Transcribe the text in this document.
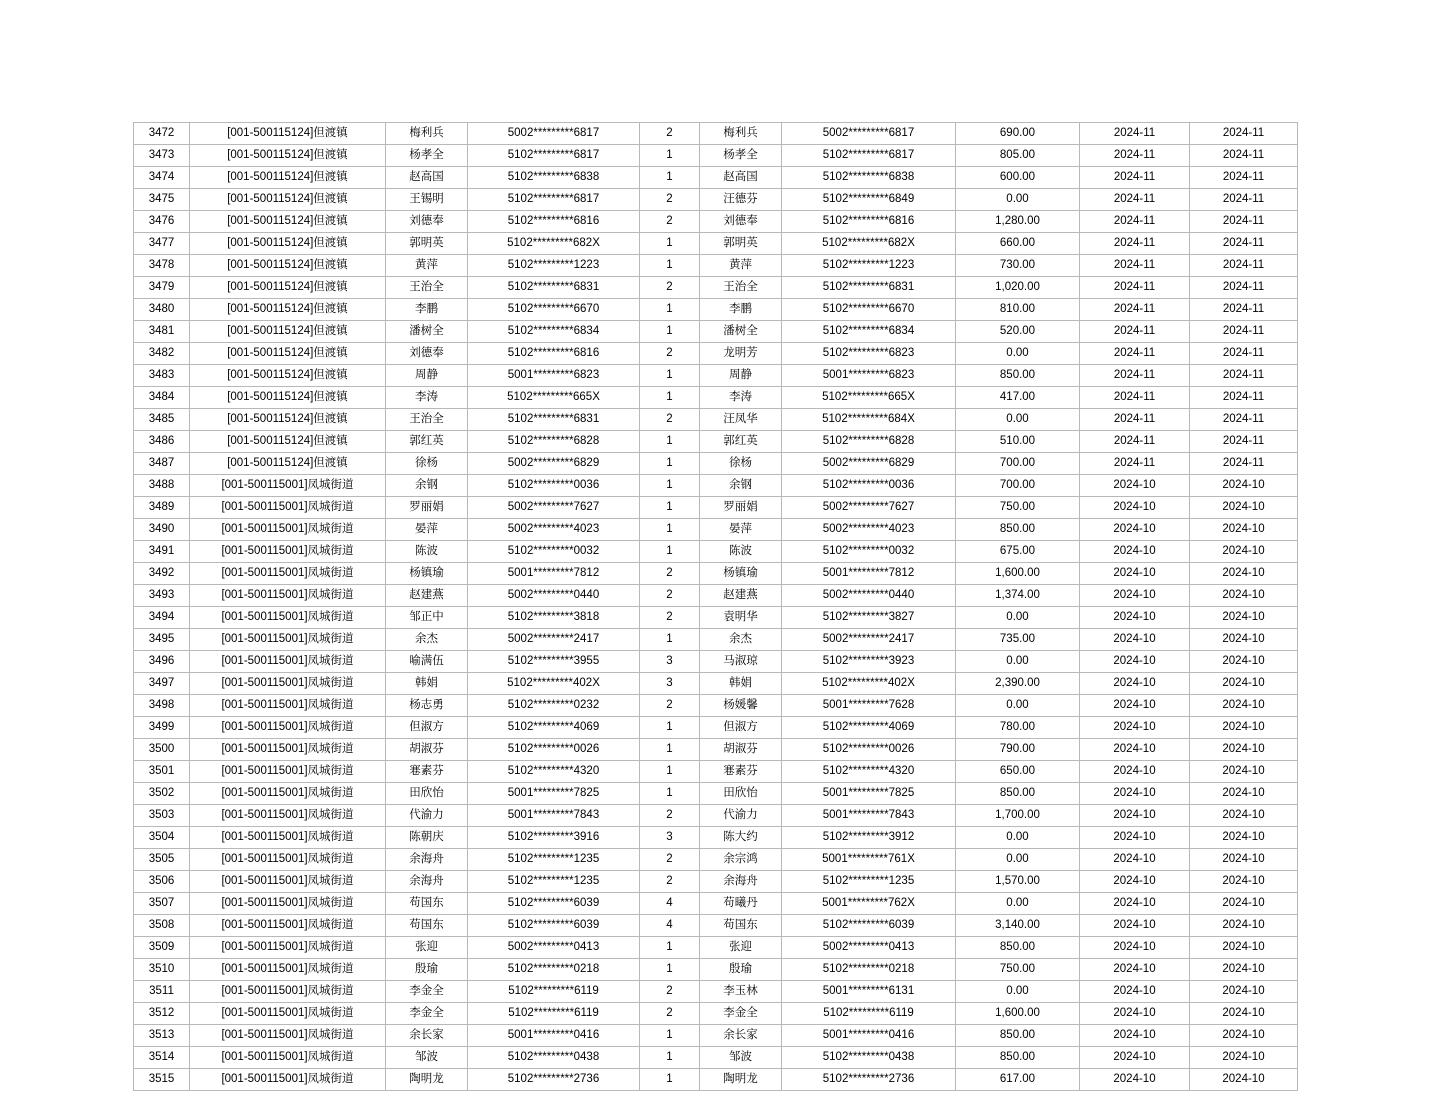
3472	[001-500115124]但渡镇	梅利兵	5002*********6817	2	梅利兵	5002*********6817	690.00	2024-11	2024-11
3473	[001-500115124]但渡镇	杨孝全	5102*********6817	1	杨孝全	5102*********6817	805.00	2024-11	2024-11
3474	[001-500115124]但渡镇	赵高国	5102*********6838	1	赵高国	5102*********6838	600.00	2024-11	2024-11
3475	[001-500115124]但渡镇	王锡明	5102*********6817	2	汪德芬	5102*********6849	0.00	2024-11	2024-11
3476	[001-500115124]但渡镇	刘德奉	5102*********6816	2	刘德奉	5102*********6816	1,280.00	2024-11	2024-11
3477	[001-500115124]但渡镇	郭明英	5102*********682X	1	郭明英	5102*********682X	660.00	2024-11	2024-11
3478	[001-500115124]但渡镇	黄萍	5102*********1223	1	黄萍	5102*********1223	730.00	2024-11	2024-11
3479	[001-500115124]但渡镇	王治全	5102*********6831	2	王治全	5102*********6831	1,020.00	2024-11	2024-11
3480	[001-500115124]但渡镇	李鹏	5102*********6670	1	李鹏	5102*********6670	810.00	2024-11	2024-11
3481	[001-500115124]但渡镇	潘树全	5102*********6834	1	潘树全	5102*********6834	520.00	2024-11	2024-11
3482	[001-500115124]但渡镇	刘德奉	5102*********6816	2	龙明芳	5102*********6823	0.00	2024-11	2024-11
3483	[001-500115124]但渡镇	周静	5001*********6823	1	周静	5001*********6823	850.00	2024-11	2024-11
3484	[001-500115124]但渡镇	李涛	5102*********665X	1	李涛	5102*********665X	417.00	2024-11	2024-11
3485	[001-500115124]但渡镇	王治全	5102*********6831	2	汪凤华	5102*********684X	0.00	2024-11	2024-11
3486	[001-500115124]但渡镇	郭红英	5102*********6828	1	郭红英	5102*********6828	510.00	2024-11	2024-11
3487	[001-500115124]但渡镇	徐杨	5002*********6829	1	徐杨	5002*********6829	700.00	2024-11	2024-11
3488	[001-500115001]凤城街道	余钢	5102*********0036	1	余钢	5102*********0036	700.00	2024-10	2024-10
3489	[001-500115001]凤城街道	罗丽娟	5002*********7627	1	罗丽娟	5002*********7627	750.00	2024-10	2024-10
3490	[001-500115001]凤城街道	晏萍	5002*********4023	1	晏萍	5002*********4023	850.00	2024-10	2024-10
3491	[001-500115001]凤城街道	陈波	5102*********0032	1	陈波	5102*********0032	675.00	2024-10	2024-10
3492	[001-500115001]凤城街道	杨镇瑜	5001*********7812	2	杨镇瑜	5001*********7812	1,600.00	2024-10	2024-10
3493	[001-500115001]凤城街道	赵建燕	5002*********0440	2	赵建燕	5002*********0440	1,374.00	2024-10	2024-10
3494	[001-500115001]凤城街道	邹正中	5102*********3818	2	袁明华	5102*********3827	0.00	2024-10	2024-10
3495	[001-500115001]凤城街道	余杰	5002*********2417	1	余杰	5002*********2417	735.00	2024-10	2024-10
3496	[001-500115001]凤城街道	喻满伍	5102*********3955	3	马淑琼	5102*********3923	0.00	2024-10	2024-10
3497	[001-500115001]凤城街道	韩娟	5102*********402X	3	韩娟	5102*********402X	2,390.00	2024-10	2024-10
3498	[001-500115001]凤城街道	杨志勇	5102*********0232	2	杨媛馨	5001*********7628	0.00	2024-10	2024-10
3499	[001-500115001]凤城街道	但淑方	5102*********4069	1	但淑方	5102*********4069	780.00	2024-10	2024-10
3500	[001-500115001]凤城街道	胡淑芬	5102*********0026	1	胡淑芬	5102*********0026	790.00	2024-10	2024-10
3501	[001-500115001]凤城街道	寋素芬	5102*********4320	1	寋素芬	5102*********4320	650.00	2024-10	2024-10
3502	[001-500115001]凤城街道	田欣怡	5001*********7825	1	田欣怡	5001*********7825	850.00	2024-10	2024-10
3503	[001-500115001]凤城街道	代渝力	5001*********7843	2	代渝力	5001*********7843	1,700.00	2024-10	2024-10
3504	[001-500115001]凤城街道	陈朝庆	5102*********3916	3	陈大约	5102*********3912	0.00	2024-10	2024-10
3505	[001-500115001]凤城街道	余海舟	5102*********1235	2	余宗鸿	5001*********761X	0.00	2024-10	2024-10
3506	[001-500115001]凤城街道	余海舟	5102*********1235	2	余海舟	5102*********1235	1,570.00	2024-10	2024-10
3507	[001-500115001]凤城街道	苟国东	5102*********6039	4	苟曦丹	5001*********762X	0.00	2024-10	2024-10
3508	[001-500115001]凤城街道	苟国东	5102*********6039	4	苟国东	5102*********6039	3,140.00	2024-10	2024-10
3509	[001-500115001]凤城街道	张迎	5002*********0413	1	张迎	5002*********0413	850.00	2024-10	2024-10
3510	[001-500115001]凤城街道	殷瑜	5102*********0218	1	殷瑜	5102*********0218	750.00	2024-10	2024-10
3511	[001-500115001]凤城街道	李金全	5102*********6119	2	李玉林	5001*********6131	0.00	2024-10	2024-10
3512	[001-500115001]凤城街道	李金全	5102*********6119	2	李金全	5102*********6119	1,600.00	2024-10	2024-10
3513	[001-500115001]凤城街道	余长家	5001*********0416	1	余长家	5001*********0416	850.00	2024-10	2024-10
3514	[001-500115001]凤城街道	邹波	5102*********0438	1	邹波	5102*********0438	850.00	2024-10	2024-10
3515	[001-500115001]凤城街道	陶明龙	5102*********2736	1	陶明龙	5102*********2736	617.00	2024-10	2024-10
